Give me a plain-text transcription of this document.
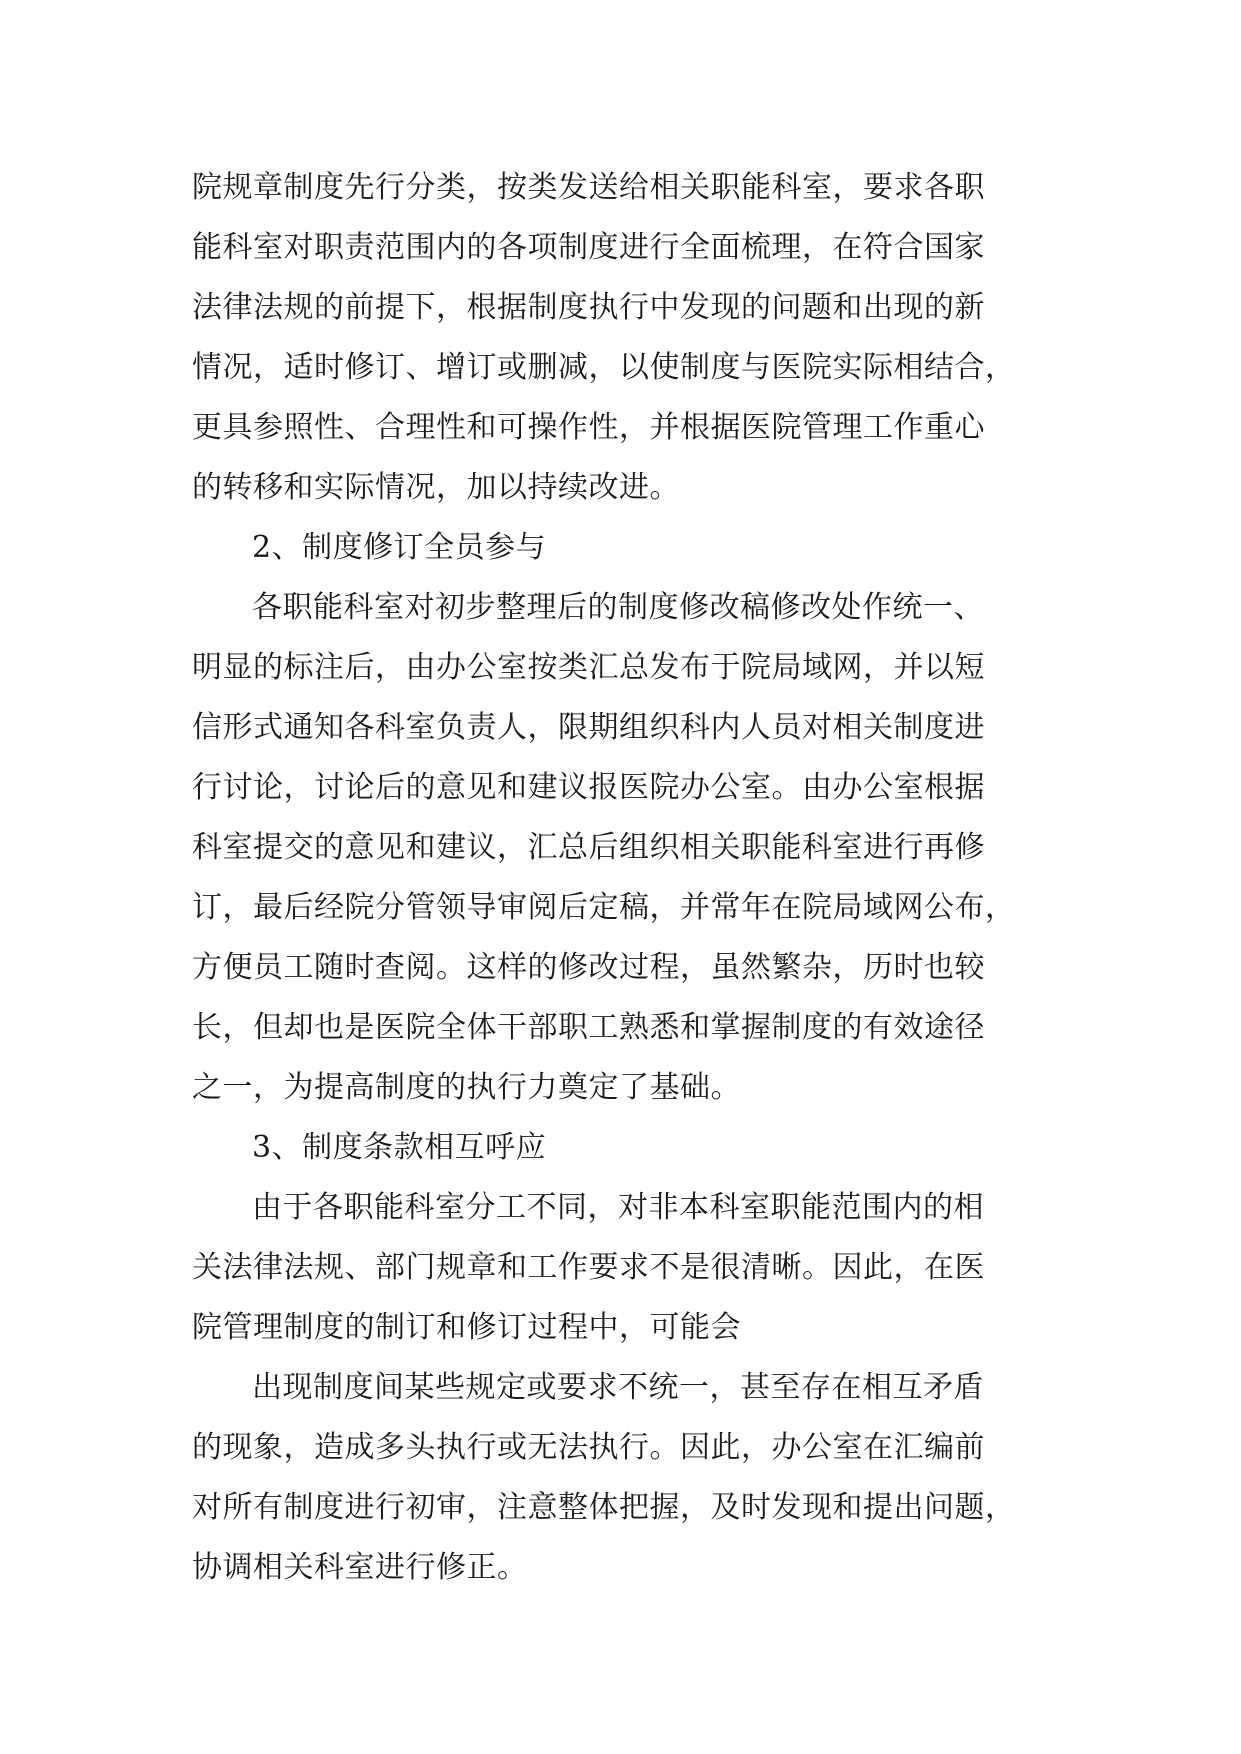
院规章制度先行分类，按类发送给相关职能科室，要求各职
能科室对职责范围内的各项制度进行全面梳理，在符合国家
法律法规的前提下，根据制度执行中发现的问题和出现的新
情况，适时修订、增订或删减，以使制度与医院实际相结合，
更具参照性、合理性和可操作性，并根据医院管理工作重心
的转移和实际情况，加以持续改进。
2、制度修订全员参与
各职能科室对初步整理后的制度修改稿修改处作统一、
明显的标注后，由办公室按类汇总发布于院局域网，并以短
信形式通知各科室负责人，限期组织科内人员对相关制度进
行讨论，讨论后的意见和建议报医院办公室。由办公室根据
科室提交的意见和建议，汇总后组织相关职能科室进行再修
订，最后经院分管领导审阅后定稿，并常年在院局域网公布，
方便员工随时查阅。这样的修改过程，虽然繁杂，历时也较
长，但却也是医院全体干部职工熟悉和掌握制度的有效途径
之一，为提高制度的执行力奠定了基础。
3、制度条款相互呼应
由于各职能科室分工不同，对非本科室职能范围内的相
关法律法规、部门规章和工作要求不是很清晰。因此，在医
院管理制度的制订和修订过程中，可能会
出现制度间某些规定或要求不统一，甚至存在相互矛盾
的现象，造成多头执行或无法执行。因此，办公室在汇编前
对所有制度进行初审，注意整体把握，及时发现和提出问题，
协调相关科室进行修正。
